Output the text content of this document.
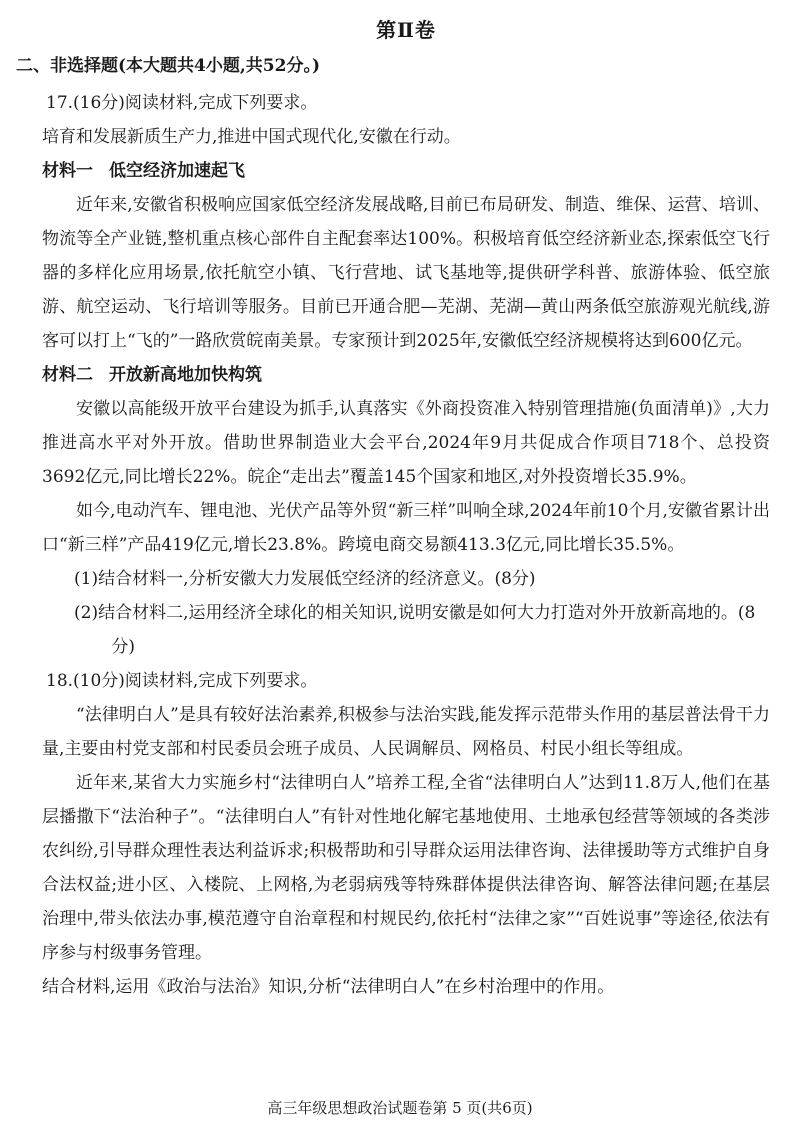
第Ⅱ卷
二、非选择题(本大题共4小题,共52分。)

17.(16分)阅读材料,完成下列要求。

培育和发展新质生产力,推进中国式现代化,安徽在行动。

材料一 低空经济加速起飞

近年来,安徽省积极响应国家低空经济发展战略,目前已布局研发、制造、维保、运营、培训、物流等全产业链,整机重点核心部件自主配套率达100%。积极培育低空经济新业态,探索低空飞行器的多样化应用场景,依托航空小镇、飞行营地、试飞基地等,提供研学科普、旅游体验、低空旅游、航空运动、飞行培训等服务。目前已开通合肥—芜湖、芜湖—黄山两条低空旅游观光航线,游客可以打上“飞的”一路欣赏皖南美景。专家预计到2025年,安徽低空经济规模将达到600亿元。

材料二 开放新高地加快构筑

安徽以高能级开放平台建设为抓手,认真落实《外商投资准入特别管理措施(负面清单)》,大力推进高水平对外开放。借助世界制造业大会平台,2024年9月共促成合作项目718个、总投资3692亿元,同比增长22%。皖企“走出去”覆盖145个国家和地区,对外投资增长35.9%。

如今,电动汽车、锂电池、光伏产品等外贸“新三样”叫响全球,2024年前10个月,安徽省累计出口“新三样”产品419亿元,增长23.8%。跨境电商交易额413.3亿元,同比增长35.5%。

(1)结合材料一,分析安徽大力发展低空经济的经济意义。(8分)

(2)结合材料二,运用经济全球化的相关知识,说明安徽是如何大力打造对外开放新高地的。(8分)

18.(10分)阅读材料,完成下列要求。

“法律明白人”是具有较好法治素养,积极参与法治实践,能发挥示范带头作用的基层普法骨干力量,主要由村党支部和村民委员会班子成员、人民调解员、网格员、村民小组长等组成。

近年来,某省大力实施乡村“法律明白人”培养工程,全省“法律明白人”达到11.8万人,他们在基层播撒下“法治种子”。“法律明白人”有针对性地化解宅基地使用、土地承包经营等领域的各类涉农纠纷,引导群众理性表达利益诉求;积极帮助和引导群众运用法律咨询、法律援助等方式维护自身合法权益;进小区、入楼院、上网格,为老弱病残等特殊群体提供法律咨询、解答法律问题;在基层治理中,带头依法办事,模范遵守自治章程和村规民约,依托村“法律之家”“百姓说事”等途径,依法有序参与村级事务管理。

结合材料,运用《政治与法治》知识,分析“法律明白人”在乡村治理中的作用。

高三年级思想政治试题卷第 5 页(共6页)
